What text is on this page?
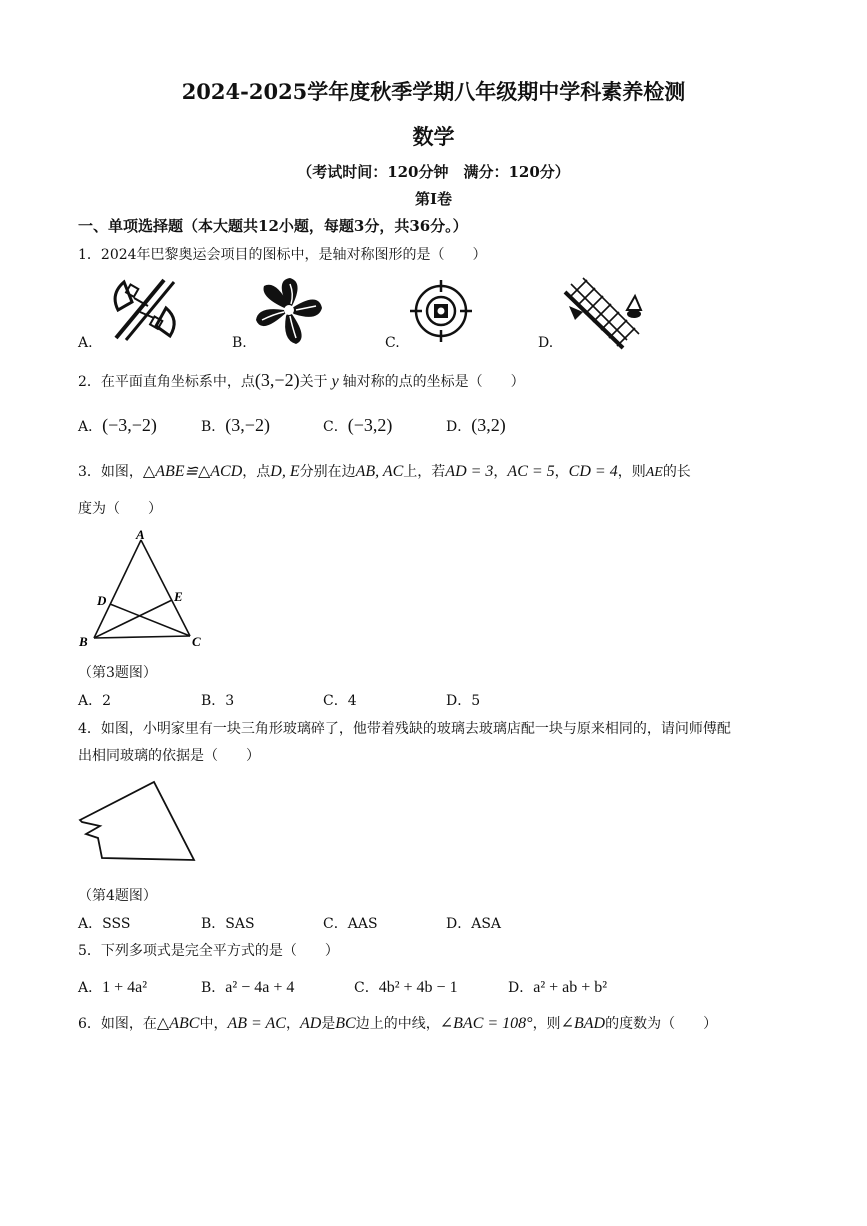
2024-2025学年度秋季学期八年级期中学科素养检测
数学
（考试时间：120分钟　满分：120分）
第Ⅰ卷
一、单项选择题（本大题共12小题，每题3分，共36分。）
1．2024年巴黎奥运会项目的图标中，是轴对称图形的是（　　）
A.	B.	C.	D.
2．在平面直角坐标系中，点(3,−2)关于 y 轴对称的点的坐标是（　　）
A．(−3,−2)	B．(3,−2)	C．(−3,2)	D．(3,2)
3．如图，△ABE≌△ACD，点D, E分别在边AB, AC上，若AD = 3，AC = 5，CD = 4，则AE的长
度为（　　）
A
B	C
D	E
（第3题图）
A．2	B．3	C．4	D．5
4．如图，小明家里有一块三角形玻璃碎了，他带着残缺的玻璃去玻璃店配一块与原来相同的，请问师傅配
出相同玻璃的依据是（　　）
（第4题图）
A．SSS	B．SAS	C．AAS	D．ASA
5．下列多项式是完全平方式的是（　　）
A．1 + 4a²	B．a² − 4a + 4	C．4b² + 4b − 1	D．a² + ab + b²
6．如图，在△ABC中，AB = AC，AD是BC边上的中线，∠BAC = 108°，则∠BAD的度数为（　　）
